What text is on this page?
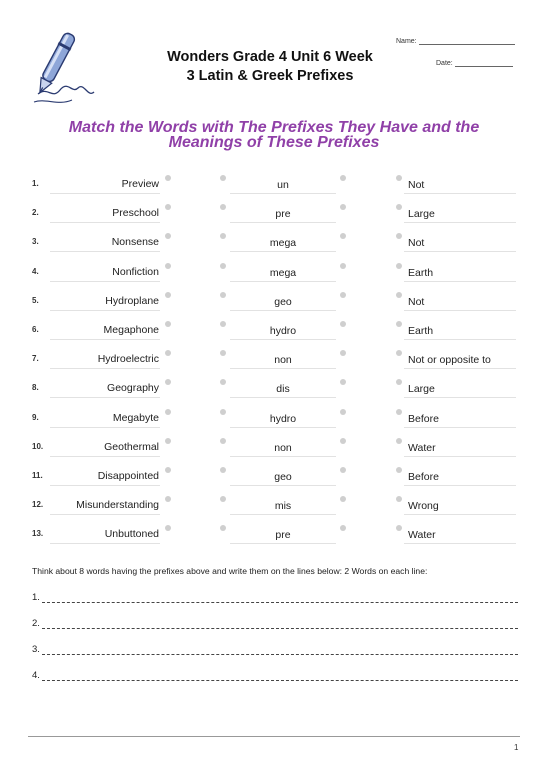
Wonders Grade 4 Unit 6 Week
3 Latin & Greek Prefixes
Name:
Date:
Match the Words with The Prefixes They Have and the
Meanings of These Prefixes
1.	Preview	un	Not
2.	Preschool	pre	Large
3.	Nonsense	mega	Not
4.	Nonfiction	mega	Earth
5.	Hydroplane	geo	Not
6.	Megaphone	hydro	Earth
7.	Hydroelectric	non	Not or opposite to
8.	Geography	dis	Large
9.	Megabyte	hydro	Before
10.	Geothermal	non	Water
11.	Disappointed	geo	Before
12.	Misunderstanding	mis	Wrong
13.	Unbuttoned	pre	Water
Think about 8 words having the prefixes above and write them on the lines below: 2 Words on each line:
1.
2.
3.
4.
1
